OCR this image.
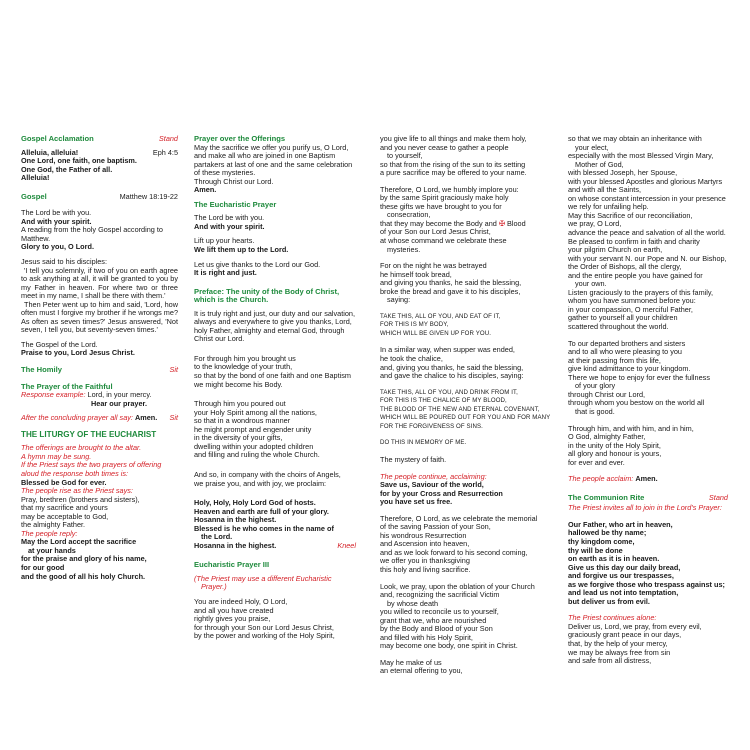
Gospel Acclamation	Stand
Alleluia, alleluia!	Eph 4:5
One Lord, one faith, one baptism.
One God, the Father of all.
Alleluia!
Gospel	Matthew 18:19-22
The Lord be with you.
And with your spirit.
A reading from the holy Gospel according to Matthew.
Glory to you, O Lord.
Jesus said to his disciples:
'I tell you solemnly, if two of you on earth agree to ask anything at all, it will be granted to you by my Father in heaven. For where two or three meet in my name, I shall be there with them.'
Then Peter went up to him and said, 'Lord, how often must I forgive my brother if he wrongs me? As often as seven times?' Jesus answered, 'Not seven, I tell you, but seventy-seven times.'
The Gospel of the Lord.
Praise to you, Lord Jesus Christ.
The Homily	Sit
The Prayer of the Faithful
Response example: Lord, in your mercy.
Hear our prayer.
After the concluding prayer all say: Amen. Sit
THE LITURGY OF THE EUCHARIST
The offerings are brought to the altar.
A hymn may be sung.
If the Priest says the two prayers of offering aloud the response both times is:
Blessed be God for ever.
The people rise as the Priest says:
Pray, brethren (brothers and sisters),
that my sacrifice and yours
may be acceptable to God,
the almighty Father.
The people reply:
May the Lord accept the sacrifice
at your hands
for the praise and glory of his name,
for our good
and the good of all his holy Church.
Prayer over the Offerings
May the sacrifice we offer you purify us, O Lord, and make all who are joined in one Baptism partakers at last of one and the same celebration of these mysteries.
Through Christ our Lord.
Amen.
The Eucharistic Prayer
The Lord be with you.
And with your spirit.
Lift up your hearts.
We lift them up to the Lord.
Let us give thanks to the Lord our God.
It is right and just.
Preface: The unity of the Body of Christ,
which is the Church.
It is truly right and just, our duty and our salvation, always and everywhere to give you thanks, Lord, holy Father, almighty and eternal God, through Christ our Lord.
For through him you brought us
to the knowledge of your truth,
so that by the bond of one faith and one Baptism
we might become his Body.
Through him you poured out
your Holy Spirit among all the nations,
so that in a wondrous manner
he might prompt and engender unity
in the diversity of your gifts,
dwelling within your adopted children
and filling and ruling the whole Church.
And so, in company with the choirs of Angels,
we praise you, and with joy, we proclaim:
Holy, Holy, Holy Lord God of hosts.
Heaven and earth are full of your glory.
Hosanna in the highest.
Blessed is he who comes in the name of
the Lord.
Hosanna in the highest.	Kneel
Eucharistic Prayer III
(The Priest may use a different Eucharistic
Prayer.)
You are indeed Holy, O Lord,
and all you have created
rightly gives you praise,
for through your Son our Lord Jesus Christ,
by the power and working of the Holy Spirit,
you give life to all things and make them holy,
and you never cease to gather a people
to yourself,
so that from the rising of the sun to its setting
a pure sacrifice may be offered to your name.
Therefore, O Lord, we humbly implore you:
by the same Spirit graciously make holy
these gifts we have brought to you for
consecration,
that they may become the Body and ✠ Blood
of your Son our Lord Jesus Christ,
at whose command we celebrate these
mysteries.
For on the night he was betrayed
he himself took bread,
and giving you thanks, he said the blessing,
broke the bread and gave it to his disciples,
saying:
TAKE THIS, ALL OF YOU, AND EAT OF IT,
FOR THIS IS MY BODY,
WHICH WILL BE GIVEN UP FOR YOU.
In a similar way, when supper was ended,
he took the chalice,
and, giving you thanks, he said the blessing,
and gave the chalice to his disciples, saying:
TAKE THIS, ALL OF YOU, AND DRINK FROM IT,
FOR THIS IS THE CHALICE OF MY BLOOD,
THE BLOOD OF THE NEW AND ETERNAL COVENANT,
WHICH WILL BE POURED OUT FOR YOU AND FOR MANY
FOR THE FORGIVENESS OF SINS.
DO THIS IN MEMORY OF ME.
The mystery of faith.
The people continue, acclaiming:
Save us, Saviour of the world,
for by your Cross and Resurrection
you have set us free.
Therefore, O Lord, as we celebrate the memorial
of the saving Passion of your Son,
his wondrous Resurrection
and Ascension into heaven,
and as we look forward to his second coming,
we offer you in thanksgiving
this holy and living sacrifice.
Look, we pray, upon the oblation of your Church
and, recognizing the sacrificial Victim
by whose death
you willed to reconcile us to yourself,
grant that we, who are nourished
by the Body and Blood of your Son
and filled with his Holy Spirit,
may become one body, one spirit in Christ.
May he make of us
an eternal offering to you,
so that we may obtain an inheritance with
your elect,
especially with the most Blessed Virgin Mary,
Mother of God,
with blessed Joseph, her Spouse,
with your blessed Apostles and glorious Martyrs
and with all the Saints,
on whose constant intercession in your presence
we rely for unfailing help.
May this Sacrifice of our reconciliation,
we pray, O Lord,
advance the peace and salvation of all the world.
Be pleased to confirm in faith and charity
your pilgrim Church on earth,
with your servant N. our Pope and N. our Bishop,
the Order of Bishops, all the clergy,
and the entire people you have gained for
your own.
Listen graciously to the prayers of this family,
whom you have summoned before you:
in your compassion, O merciful Father,
gather to yourself all your children
scattered throughout the world.
To our departed brothers and sisters
and to all who were pleasing to you
at their passing from this life,
give kind admittance to your kingdom.
There we hope to enjoy for ever the fullness
of your glory
through Christ our Lord,
through whom you bestow on the world all
that is good.
Through him, and with him, and in him,
O God, almighty Father,
in the unity of the Holy Spirit,
all glory and honour is yours,
for ever and ever.
The people acclaim: Amen.
The Communion Rite	Stand
The Priest invites all to join in the Lord's Prayer:
Our Father, who art in heaven,
hallowed be thy name;
thy kingdom come,
thy will be done
on earth as it is in heaven.
Give us this day our daily bread,
and forgive us our trespasses,
as we forgive those who trespass against us;
and lead us not into temptation,
but deliver us from evil.
The Priest continues alone:
Deliver us, Lord, we pray, from every evil,
graciously grant peace in our days,
that, by the help of your mercy,
we may be always free from sin
and safe from all distress,
